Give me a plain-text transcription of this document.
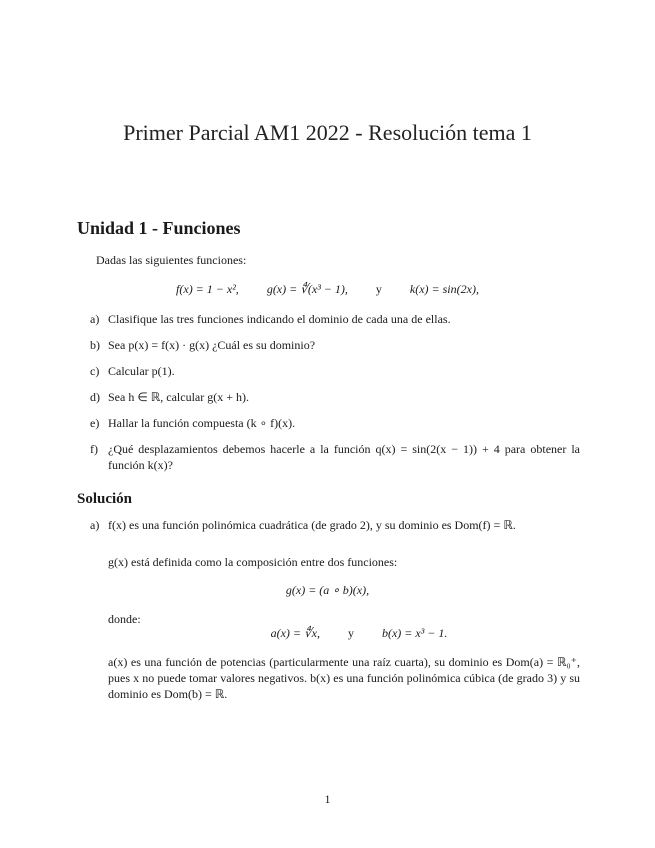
Primer Parcial AM1 2022 - Resolución tema 1
Unidad 1 - Funciones
Dadas las siguientes funciones:
f(x) = 1 − x², g(x) = ∜(x³ − 1), y k(x) = sin(2x),
a) Clasifique las tres funciones indicando el dominio de cada una de ellas.
b) Sea p(x) = f(x) · g(x) ¿Cuál es su dominio?
c) Calcular p(1).
d) Sea h ∈ ℝ, calcular g(x + h).
e) Hallar la función compuesta (k ∘ f)(x).
f) ¿Qué desplazamientos debemos hacerle a la función q(x) = sin(2(x − 1)) + 4 para obtener la función k(x)?
Solución
a) f(x) es una función polinómica cuadrática (de grado 2), y su dominio es Dom(f) = ℝ.
g(x) está definida como la composición entre dos funciones:
g(x) = (a ∘ b)(x),
donde:
a(x) = ∜x, y b(x) = x³ − 1.
a(x) es una función de potencias (particularmente una raíz cuarta), su dominio es Dom(a) = ℝ₀⁺, pues x no puede tomar valores negativos. b(x) es una función polinómica cúbica (de grado 3) y su dominio es Dom(b) = ℝ.
1
